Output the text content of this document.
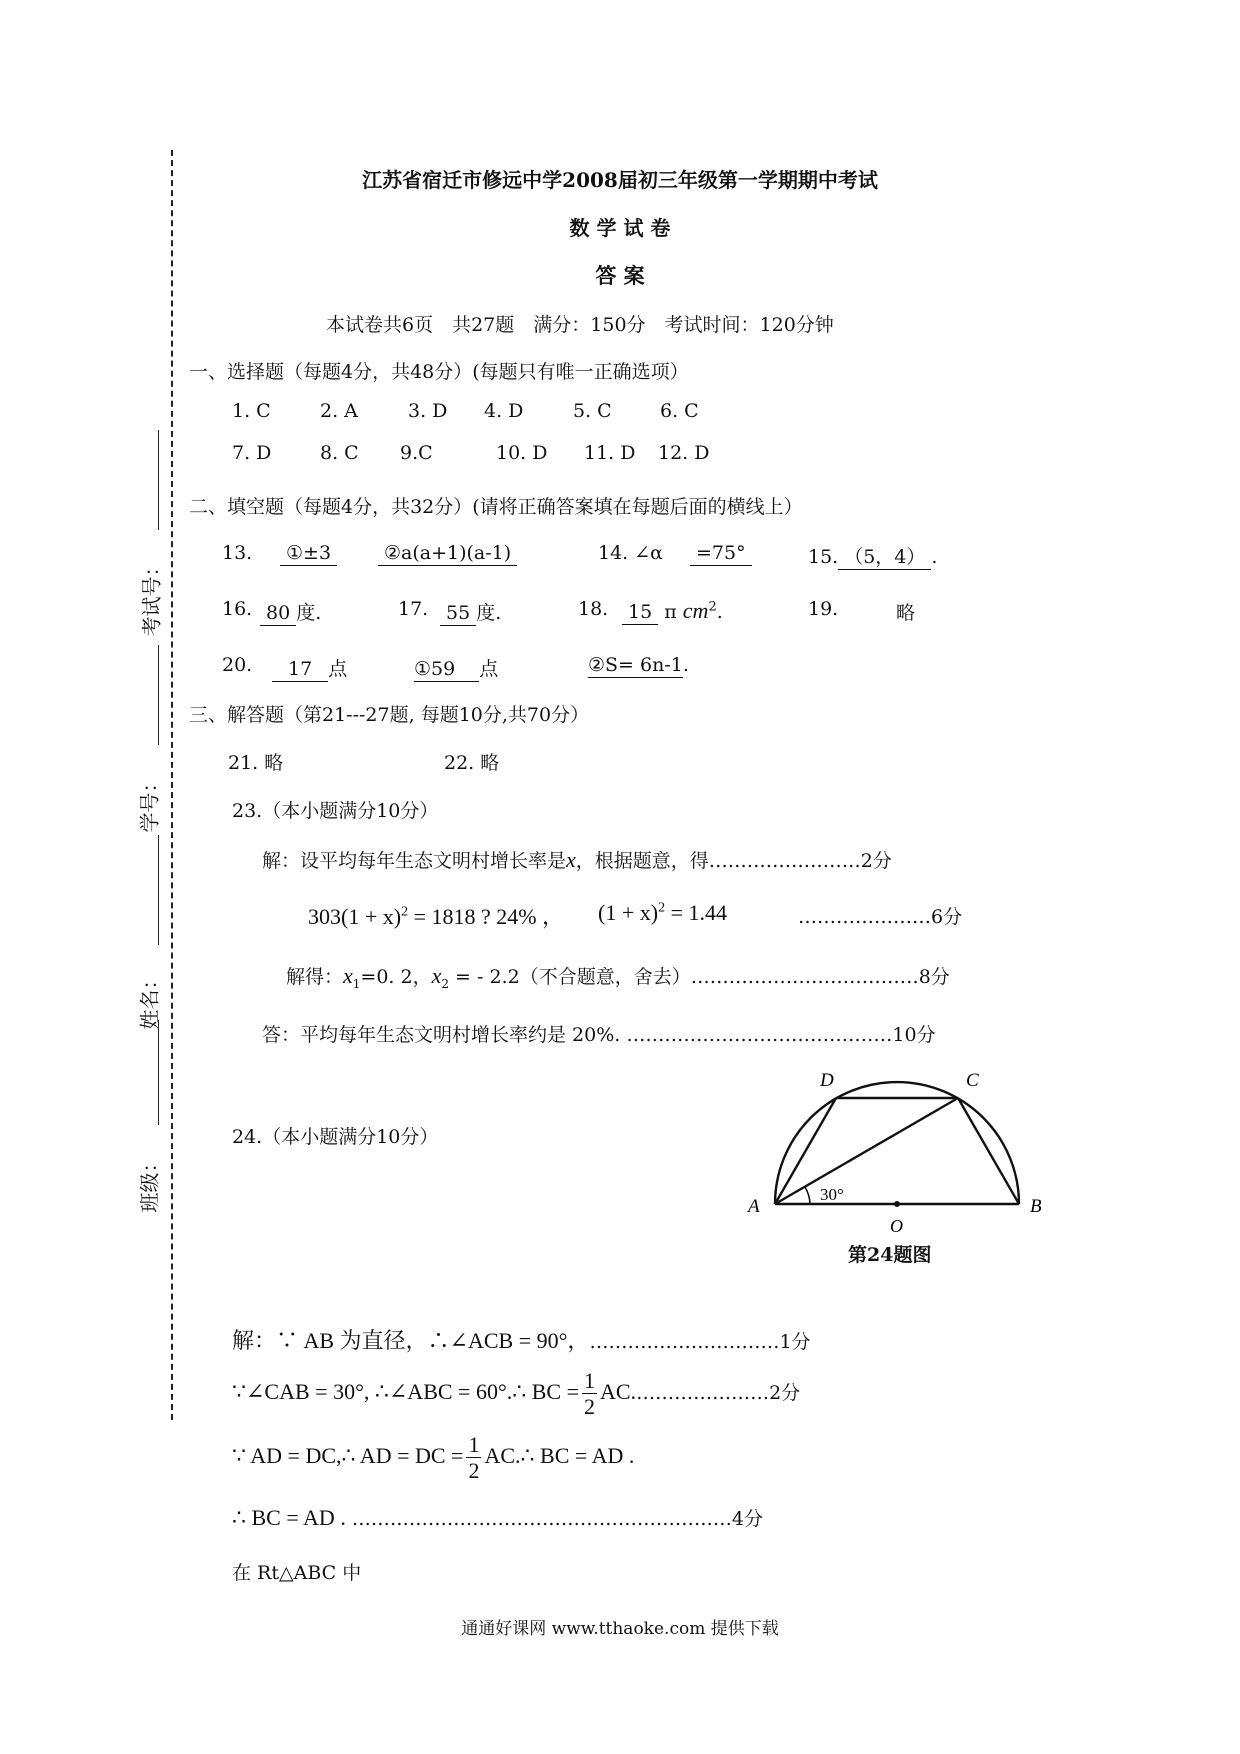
考试号：
学号：
姓名：
班级：
江苏省宿迁市修远中学2008届初三年级第一学期期中考试
数 学 试 卷
答 案
本试卷共6页　共27题　满分：150分　考试时间：120分钟
一、选择题（每题4分，共48分）(每题只有唯一正确选项）
1. C	2. A	3. D 4. D	5. C	6. C
7. D	8. C 9.C	10. D 11. D 12. D
二、填空题（每题4分，共32分）(请将正确答案填在每题后面的横线上）
13.	①±3	②a(a+1)(a-1)	14. ∠α	=75°	15. （5，4） .
16. 80 度.	17. 55 度.	18.	15 π $cm^2$.	19.	略
20.	17 点	①59 点	②S= 6n-1.
三、解答题（第21---27题, 每题10分,共70分）
21. 略	22. 略
23.（本小题满分10分）
解：设平均每年生态文明村增长率是x，根据题意，得……………………2分
$303(1 + x)^2 = 1818$ ? 24% ， $(1 + x)^2 = 1.44$	…………………6分
解得：$x_1=0$. 2，$x_2$ = - 2.2（不合题意，舍去）………………………………8分
答：平均每年生态文明村增长率约是 20%. ……………………………………10分
24.（本小题满分10分）
D	C
A	B
O
30°
第24题图
解：∵ AB 为直径，∴∠ACB = 90°，…………………………1分
∵∠CAB = 30°, ∴∠ABC = 60°.∴ BC = $\frac{1}{2}$ AC.…………………2分
∵ AD = DC,∴ AD = DC = $\frac{1}{2}$ AC.∴ BC = AD .
∴ BC = AD . ……………………………………………………4分
在 Rt△ABC 中
通通好课网 www.tthaoke.com 提供下载
